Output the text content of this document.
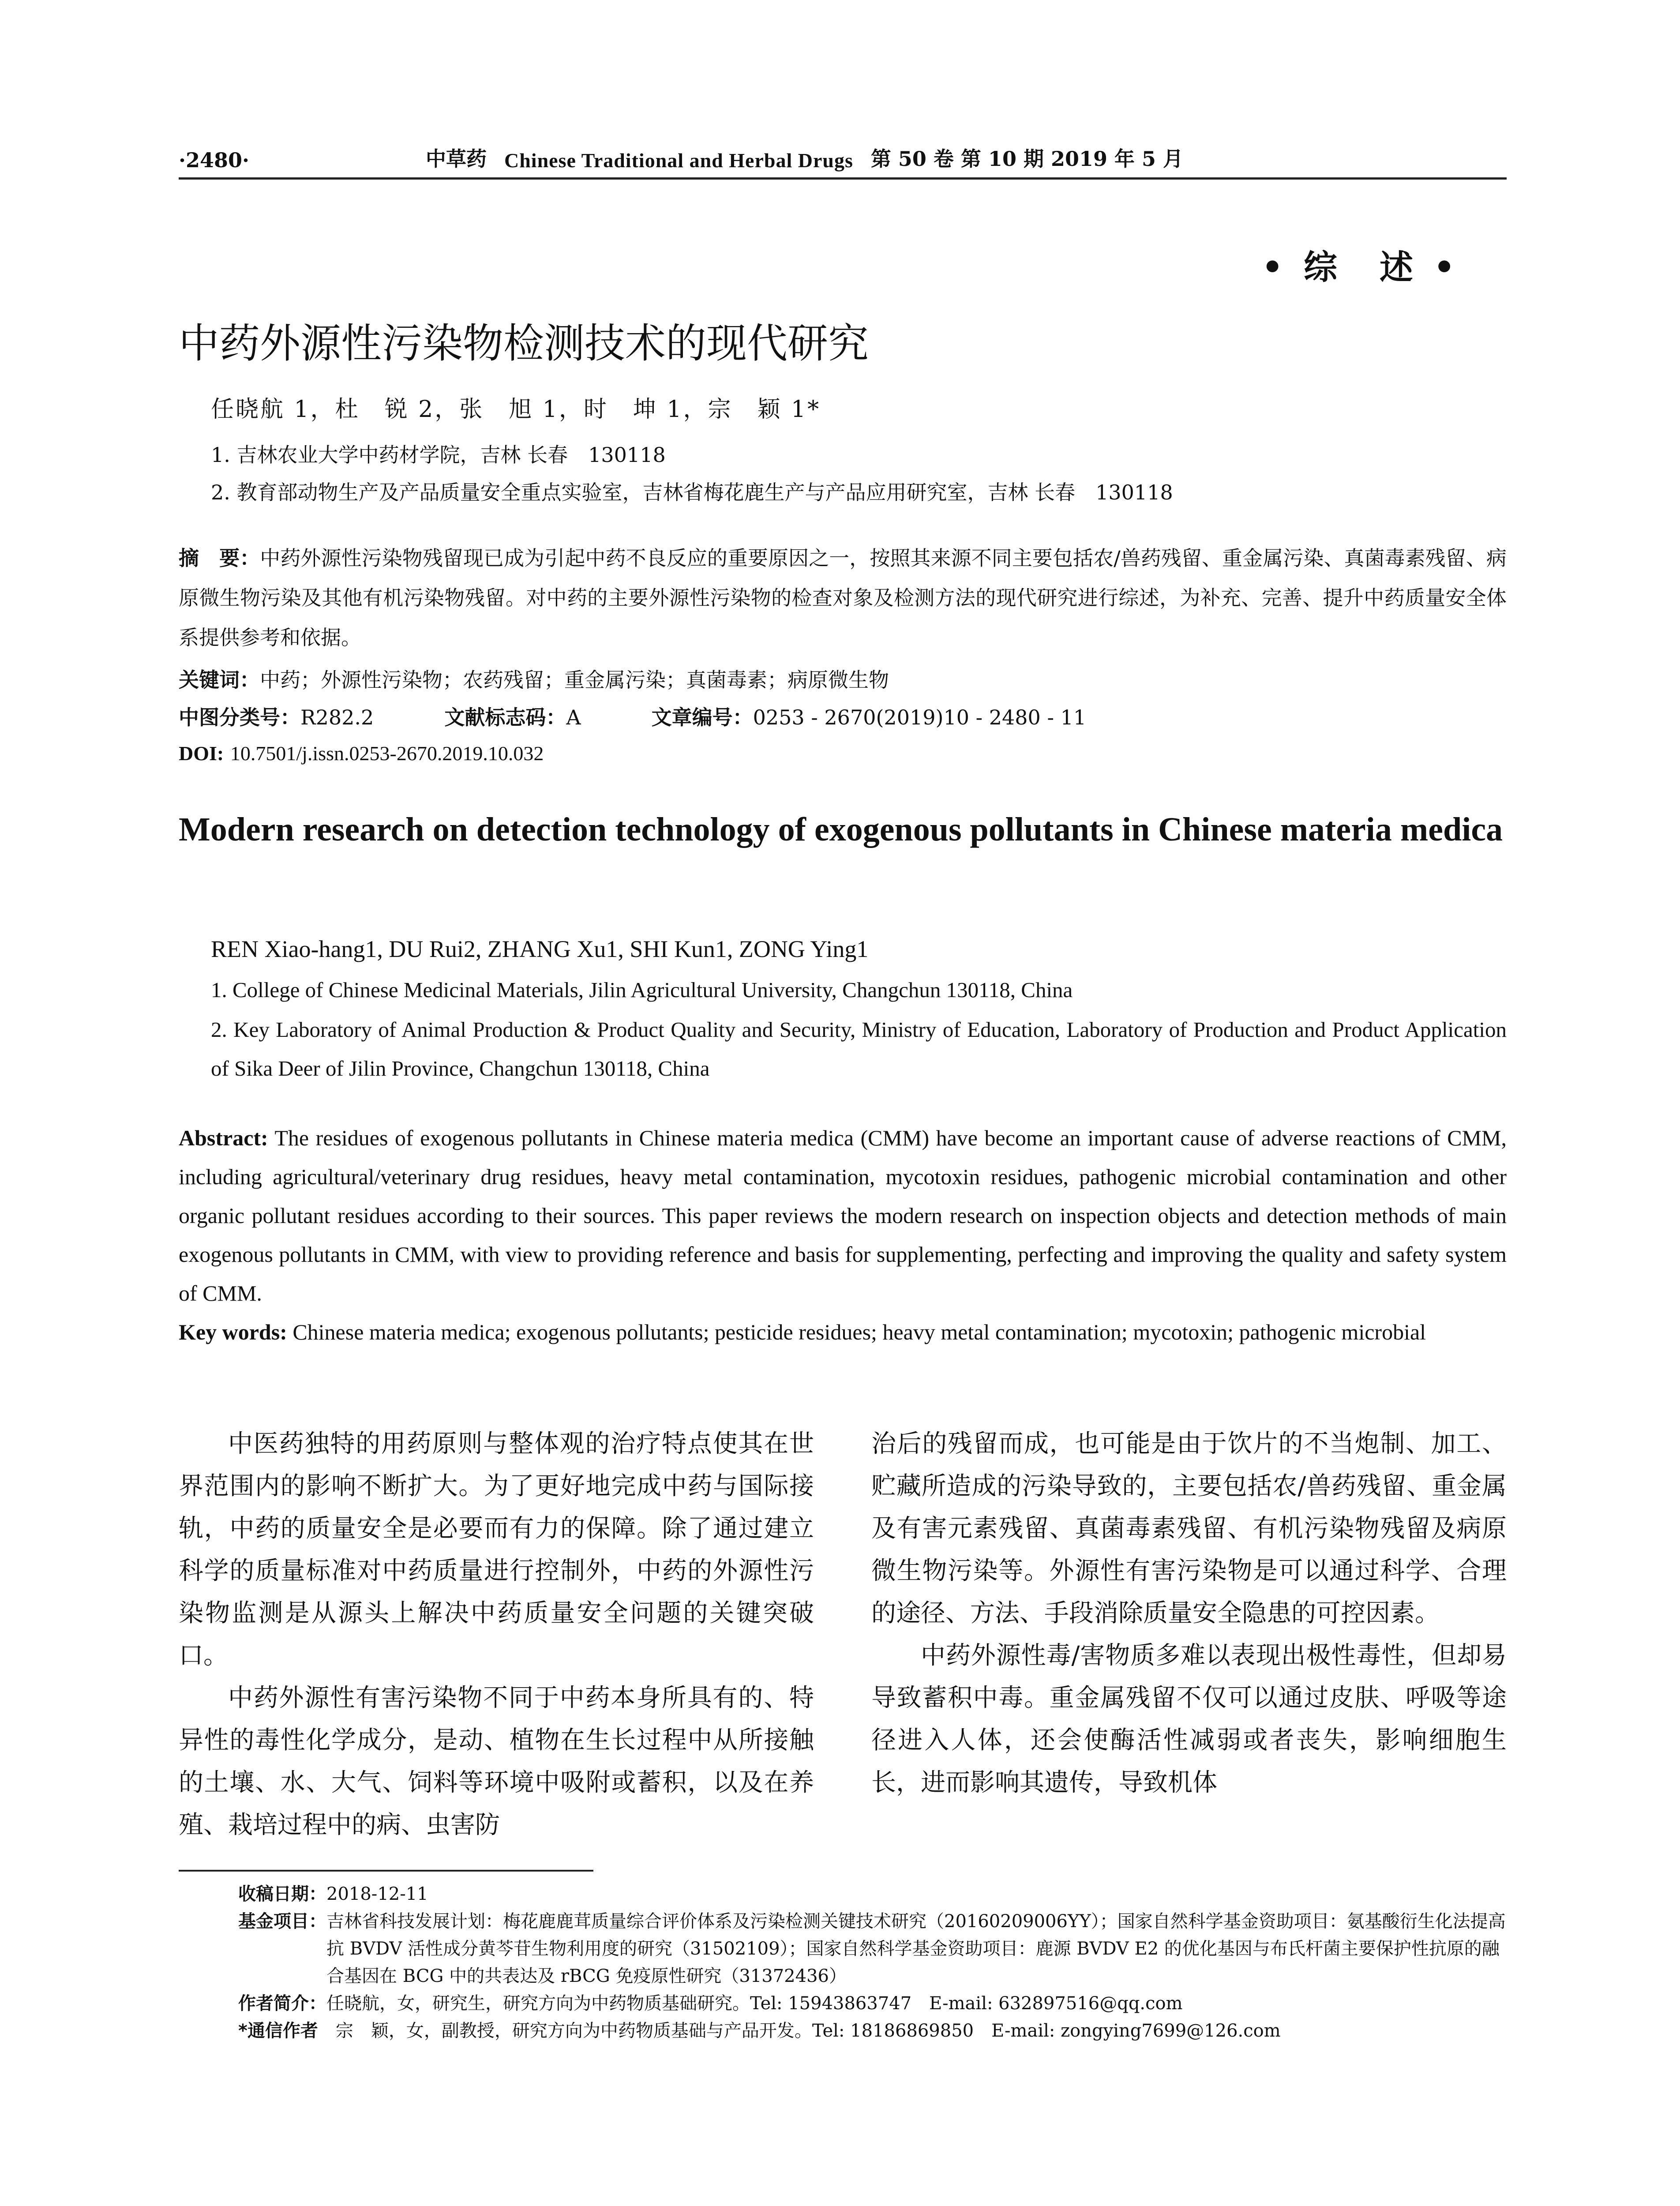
·2480·	中草药 Chinese Traditional and Herbal Drugs 第 50 卷 第 10 期 2019 年 5 月
• 综　述 •
中药外源性污染物检测技术的现代研究
任晓航 1，杜　锐 2，张　旭 1，时　坤 1，宗　颖 1*
1. 吉林农业大学中药材学院，吉林 长春　130118
2. 教育部动物生产及产品质量安全重点实验室，吉林省梅花鹿生产与产品应用研究室，吉林 长春　130118
摘　要：中药外源性污染物残留现已成为引起中药不良反应的重要原因之一，按照其来源不同主要包括农/兽药残留、重金属污染、真菌毒素残留、病原微生物污染及其他有机污染物残留。对中药的主要外源性污染物的检查对象及检测方法的现代研究进行综述，为补充、完善、提升中药质量安全体系提供参考和依据。
关键词：中药；外源性污染物；农药残留；重金属污染；真菌毒素；病原微生物
中图分类号：R282.2	文献标志码：A	文章编号：0253 - 2670(2019)10 - 2480 - 11
DOI: 10.7501/j.issn.0253-2670.2019.10.032
Modern research on detection technology of exogenous pollutants in Chinese materia medica
REN Xiao-hang1, DU Rui2, ZHANG Xu1, SHI Kun1, ZONG Ying1
1. College of Chinese Medicinal Materials, Jilin Agricultural University, Changchun 130118, China
2. Key Laboratory of Animal Production & Product Quality and Security, Ministry of Education, Laboratory of Production and Product Application of Sika Deer of Jilin Province, Changchun 130118, China
Abstract: The residues of exogenous pollutants in Chinese materia medica (CMM) have become an important cause of adverse reactions of CMM, including agricultural/veterinary drug residues, heavy metal contamination, mycotoxin residues, pathogenic microbial contamination and other organic pollutant residues according to their sources. This paper reviews the modern research on inspection objects and detection methods of main exogenous pollutants in CMM, with view to providing reference and basis for supplementing, perfecting and improving the quality and safety system of CMM.
Key words: Chinese materia medica; exogenous pollutants; pesticide residues; heavy metal contamination; mycotoxin; pathogenic microbial

中医药独特的用药原则与整体观的治疗特点使其在世界范围内的影响不断扩大。为了更好地完成中药与国际接轨，中药的质量安全是必要而有力的保障。除了通过建立科学的质量标准对中药质量进行控制外，中药的外源性污染物监测是从源头上解决中药质量安全问题的关键突破口。

中药外源性有害污染物不同于中药本身所具有的、特异性的毒性化学成分，是动、植物在生长过程中从所接触的土壤、水、大气、饲料等环境中吸附或蓄积，以及在养殖、栽培过程中的病、虫害防

治后的残留而成，也可能是由于饮片的不当炮制、加工、贮藏所造成的污染导致的，主要包括农/兽药残留、重金属及有害元素残留、真菌毒素残留、有机污染物残留及病原微生物污染等。外源性有害污染物是可以通过科学、合理的途径、方法、手段消除质量安全隐患的可控因素。

中药外源性毒/害物质多难以表现出极性毒性，但却易导致蓄积中毒。重金属残留不仅可以通过皮肤、呼吸等途径进入人体，还会使酶活性减弱或者丧失，影响细胞生长，进而影响其遗传，导致机体

收稿日期： 2018-12-11
基金项目： 吉林省科技发展计划：梅花鹿鹿茸质量综合评价体系及污染检测关键技术研究（20160209006YY）；国家自然科学基金资助项目：氨基酸衍生化法提高抗 BVDV 活性成分黄芩苷生物利用度的研究（31502109）；国家自然科学基金资助项目：鹿源 BVDV E2 的优化基因与布氏杆菌主要保护性抗原的融合基因在 BCG 中的共表达及 rBCG 免疫原性研究（31372436）
作者简介： 任晓航，女，研究生，研究方向为中药物质基础研究。Tel: 15943863747　E-mail: 632897516@qq.com
*通信作者 宗　颖，女，副教授，研究方向为中药物质基础与产品开发。Tel: 18186869850　E-mail: zongying7699@126.com
